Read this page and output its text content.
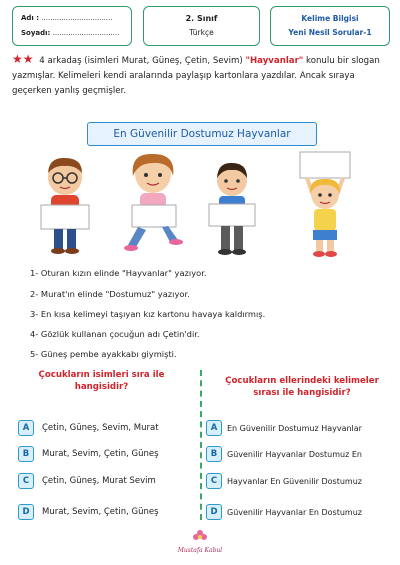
Adı : ................................
Soyadı: ..............................
2. Sınıf
Türkçe
Kelime Bilgisi
Yeni Nesil Sorular-1
★★ 4 arkadaş (isimleri Murat, Güneş, Çetin, Sevim) "Hayvanlar" konulu bir slogan yazmışlar. Kelimeleri kendi aralarında paylaşıp kartonlara yazdılar. Ancak sıraya geçerken yanlış geçmişler.
En Güvenilir Dostumuz Hayvanlar
1- Oturan kızın elinde "Hayvanlar" yazıyor.
2- Murat'ın elinde "Dostumuz" yazıyor.
3- En kısa kelimeyi taşıyan kız kartonu havaya kaldırmış.
4- Gözlük kullanan çocuğun adı Çetin'dir.
5- Güneş pembe ayakkabı giymişti.
Çocukların isimleri sıra ile hangisidir?
Çocukların ellerindeki kelimeler sırası ile hangisidir?
A	Çetin, Güneş, Sevim, Murat
B	Murat, Sevim, Çetin, Güneş
C	Çetin, Güneş, Murat Sevim
D	Murat, Sevim, Çetin, Güneş
A	En Güvenilir Dostumuz Hayvanlar
B	Güvenilir Hayvanlar Dostumuz En
C	Hayvanlar En Güvenilir Dostumuz
D	Güvenilir Hayvanlar En Dostumuz
Mustafa Kabul
